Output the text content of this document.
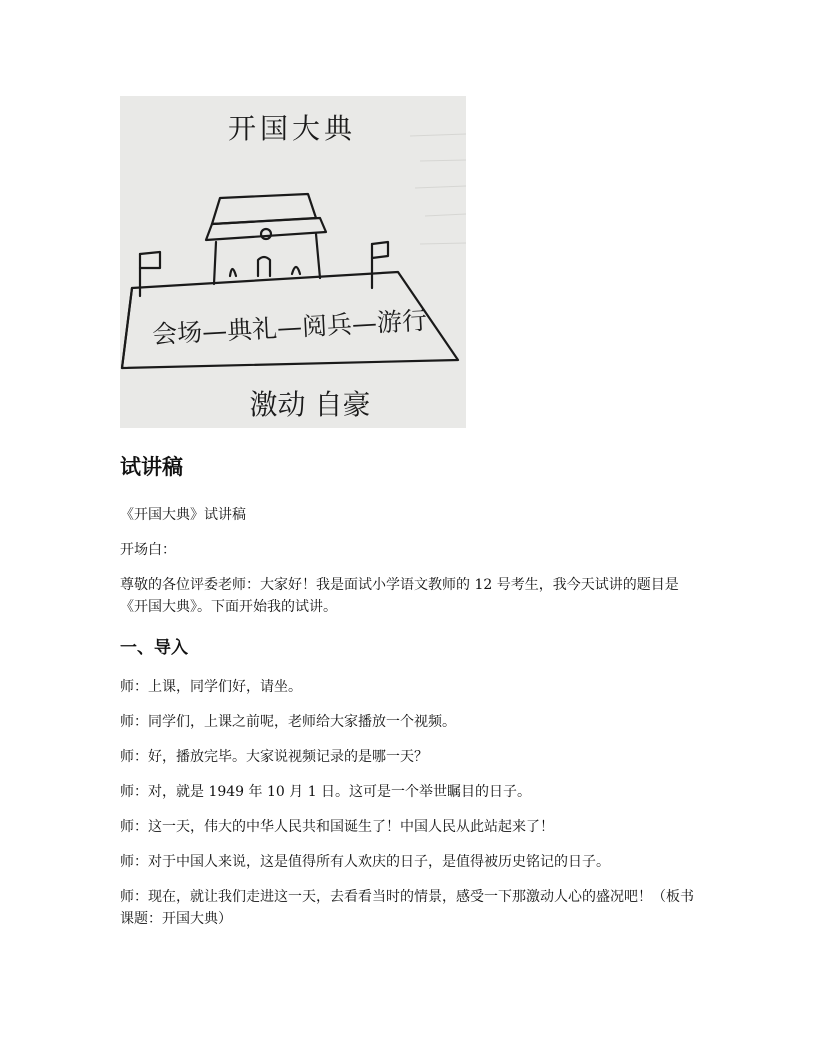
开国大典
会场—典礼—阅兵—游行
激动 自豪
试讲稿

《开国大典》试讲稿

开场白：

尊敬的各位评委老师：大家好！我是面试小学语文教师的 12 号考生，我今天试讲的题目是《开国大典》。下面开始我的试讲。

一、导入

师：上课，同学们好，请坐。

师：同学们，上课之前呢，老师给大家播放一个视频。

师：好，播放完毕。大家说视频记录的是哪一天？

师：对，就是 1949 年 10 月 1 日。这可是一个举世瞩目的日子。

师：这一天，伟大的中华人民共和国诞生了！中国人民从此站起来了！

师：对于中国人来说，这是值得所有人欢庆的日子，是值得被历史铭记的日子。

师：现在，就让我们走进这一天，去看看当时的情景，感受一下那激动人心的盛况吧！（板书课题：开国大典）
